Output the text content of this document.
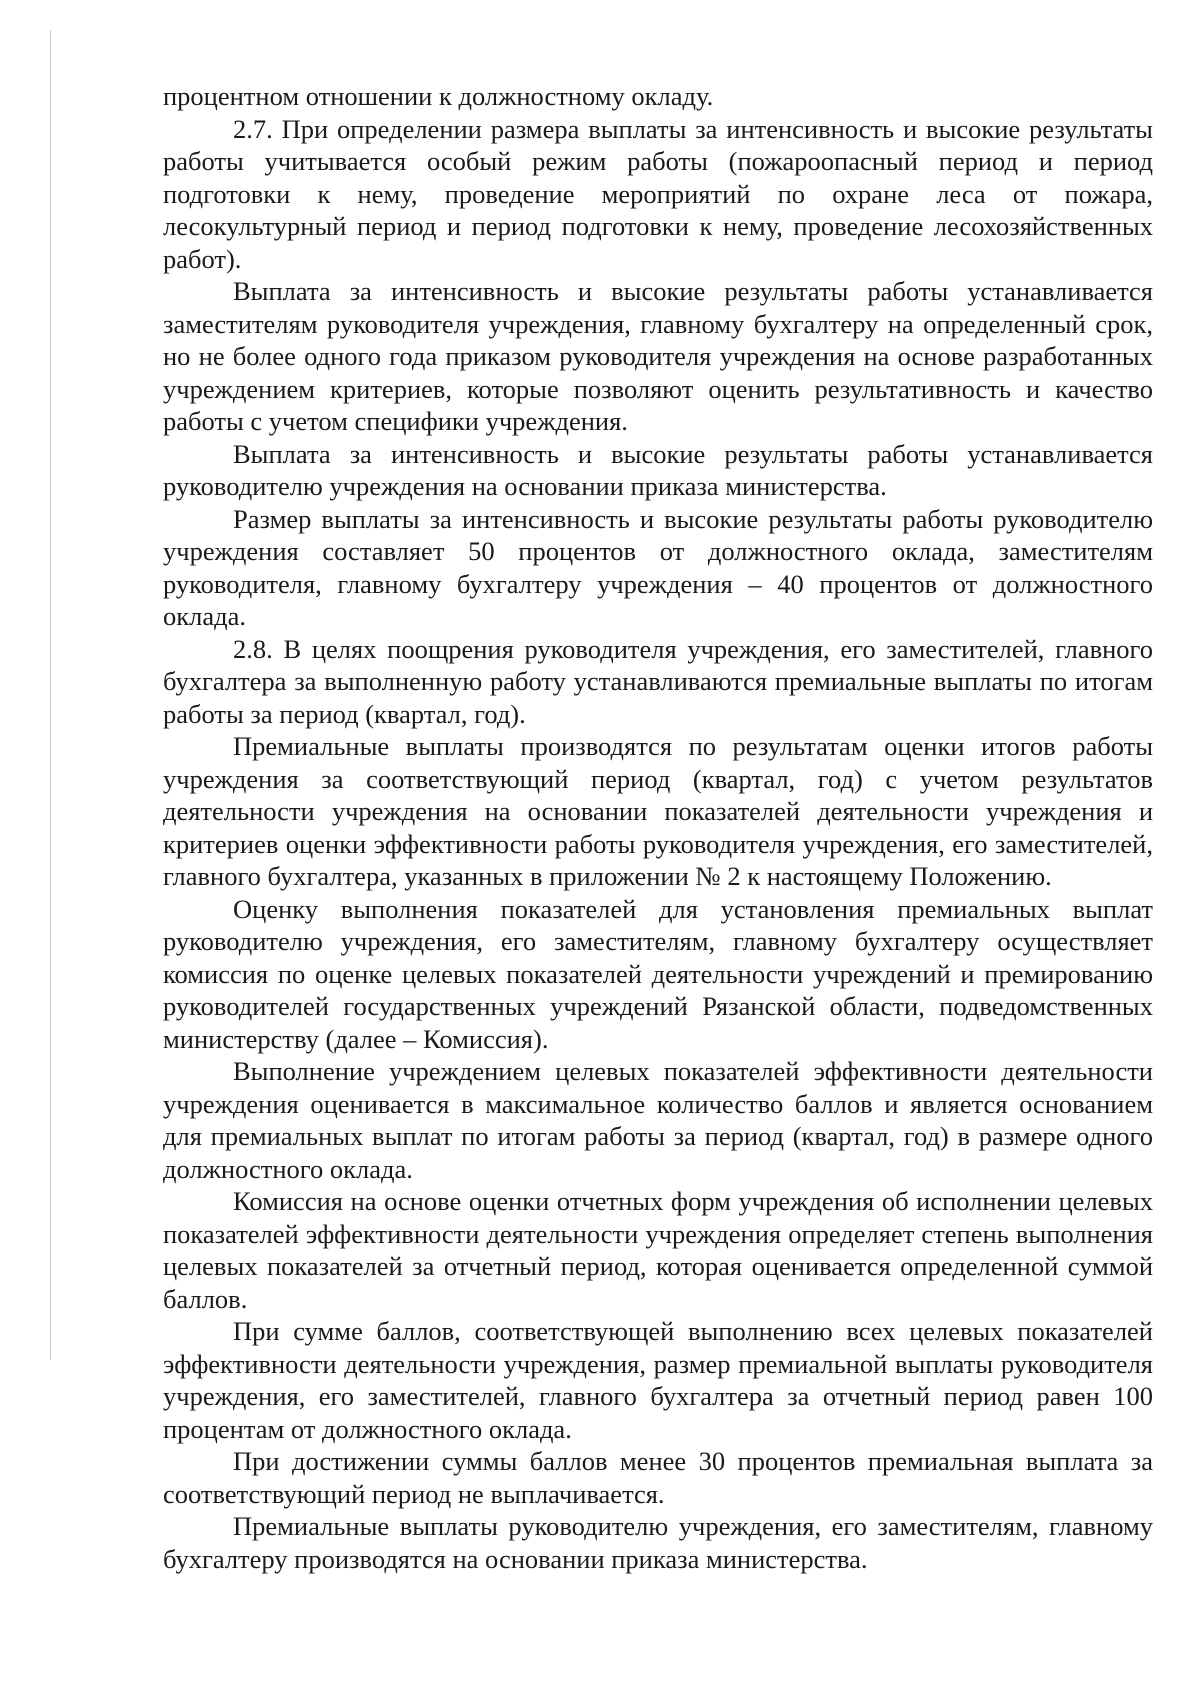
процентном отношении к должностному окладу.

2.7. При определении размера выплаты за интенсивность и высокие результаты работы учитывается особый режим работы (пожароопасный период и период подготовки к нему, проведение мероприятий по охране леса от пожара, лесокультурный период и период подготовки к нему, проведение лесохозяйственных работ).

Выплата за интенсивность и высокие результаты работы устанавливается заместителям руководителя учреждения, главному бухгалтеру на определенный срок, но не более одного года приказом руководителя учреждения на основе разработанных учреждением критериев, которые позволяют оценить результативность и качество работы с учетом специфики учреждения.

Выплата за интенсивность и высокие результаты работы устанавливается руководителю учреждения на основании приказа министерства.

Размер выплаты за интенсивность и высокие результаты работы руководителю учреждения составляет 50 процентов от должностного оклада, заместителям руководителя, главному бухгалтеру учреждения – 40 процентов от должностного оклада.

2.8. В целях поощрения руководителя учреждения, его заместителей, главного бухгалтера за выполненную работу устанавливаются премиальные выплаты по итогам работы за период (квартал, год).

Премиальные выплаты производятся по результатам оценки итогов работы учреждения за соответствующий период (квартал, год) с учетом результатов деятельности учреждения на основании показателей деятельности учреждения и критериев оценки эффективности работы руководителя учреждения, его заместителей, главного бухгалтера, указанных в приложении № 2 к настоящему Положению.

Оценку выполнения показателей для установления премиальных выплат руководителю учреждения, его заместителям, главному бухгалтеру осуществляет комиссия по оценке целевых показателей деятельности учреждений и премированию руководителей государственных учреждений Рязанской области, подведомственных министерству (далее – Комиссия).

Выполнение учреждением целевых показателей эффективности деятельности учреждения оценивается в максимальное количество баллов и является основанием для премиальных выплат по итогам работы за период (квартал, год) в размере одного должностного оклада.

Комиссия на основе оценки отчетных форм учреждения об исполнении целевых показателей эффективности деятельности учреждения определяет степень выполнения целевых показателей за отчетный период, которая оценивается определенной суммой баллов.

При сумме баллов, соответствующей выполнению всех целевых показателей эффективности деятельности учреждения, размер премиальной выплаты руководителя учреждения, его заместителей, главного бухгалтера за отчетный период равен 100 процентам от должностного оклада.

При достижении суммы баллов менее 30 процентов премиальная выплата за соответствующий период не выплачивается.

Премиальные выплаты руководителю учреждения, его заместителям, главному бухгалтеру производятся на основании приказа министерства.
